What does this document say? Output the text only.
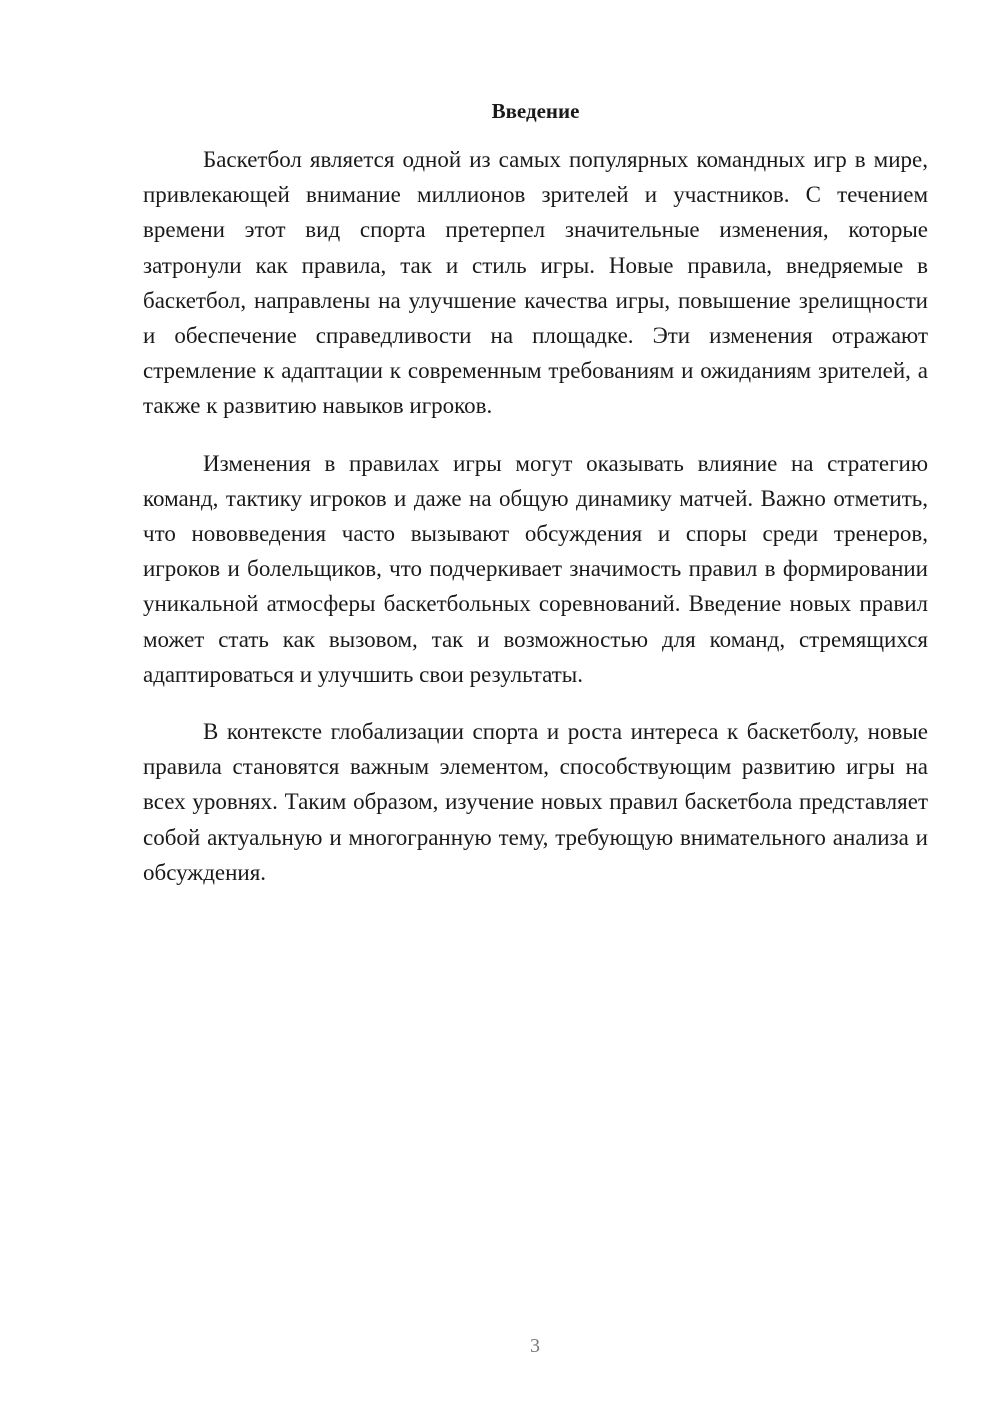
Введение

Баскетбол является одной из самых популярных командных игр в мире, привлекающей внимание миллионов зрителей и участников. С течением времени этот вид спорта претерпел значительные изменения, которые затронули как правила, так и стиль игры. Новые правила, внедряемые в баскетбол, направлены на улучшение качества игры, повышение зрелищности и обеспечение справедливости на площадке. Эти изменения отражают стремление к адаптации к современным требованиям и ожиданиям зрителей, а также к развитию навыков игроков.

Изменения в правилах игры могут оказывать влияние на стратегию команд, тактику игроков и даже на общую динамику матчей. Важно отметить, что нововведения часто вызывают обсуждения и споры среди тренеров, игроков и болельщиков, что подчеркивает значимость правил в формировании уникальной атмосферы баскетбольных соревнований. Введение новых правил может стать как вызовом, так и возможностью для команд, стремящихся адаптироваться и улучшить свои результаты.

В контексте глобализации спорта и роста интереса к баскетболу, новые правила становятся важным элементом, способствующим развитию игры на всех уровнях. Таким образом, изучение новых правил баскетбола представляет собой актуальную и многогранную тему, требующую внимательного анализа и обсуждения.

3
